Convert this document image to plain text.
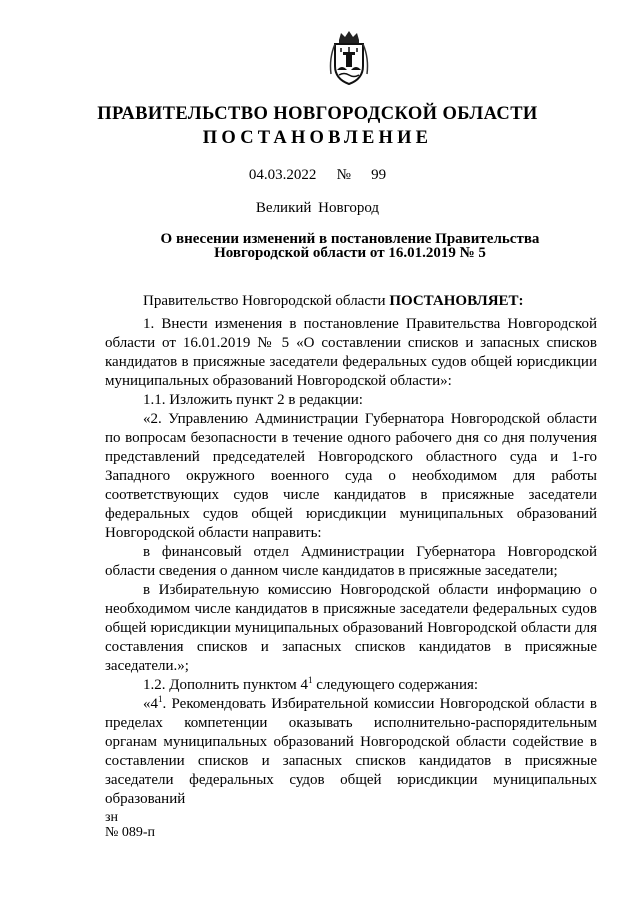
ПРАВИТЕЛЬСТВО НОВГОРОДСКОЙ ОБЛАСТИ
ПОСТАНОВЛЕНИЕ
04.03.2022 № 99
Великий Новгород
О внесении изменений в постановление Правительства
Новгородской области от 16.01.2019 № 5

Правительство Новгородской области ПОСТАНОВЛЯЕТ:

1. Внести изменения в постановление Правительства Новгородской области от 16.01.2019 № 5 «О составлении списков и запасных списков кандидатов в присяжные заседатели федеральных судов общей юрисдикции муниципальных образований Новгородской области»:

1.1. Изложить пункт 2 в редакции:

«2. Управлению Администрации Губернатора Новгородской области по вопросам безопасности в течение одного рабочего дня со дня получения представлений председателей Новгородского областного суда и 1-го Западного окружного военного суда о необходимом для работы соответствующих судов числе кандидатов в присяжные заседатели федеральных судов общей юрисдикции муниципальных образований Новгородской области направить:

в финансовый отдел Администрации Губернатора Новгородской области сведения о данном числе кандидатов в присяжные заседатели;

в Избирательную комиссию Новгородской области информацию о необходимом числе кандидатов в присяжные заседатели федеральных судов общей юрисдикции муниципальных образований Новгородской области для составления списков и запасных списков кандидатов в присяжные заседатели.»;

1.2. Дополнить пунктом $4^1$ следующего содержания:

«$4^1$. Рекомендовать Избирательной комиссии Новгородской области в пределах компетенции оказывать исполнительно-распорядительным органам муниципальных образований Новгородской области содействие в составлении списков и запасных списков кандидатов в присяжные заседатели федеральных судов общей юрисдикции муниципальных образований

зн
№ 089-п
